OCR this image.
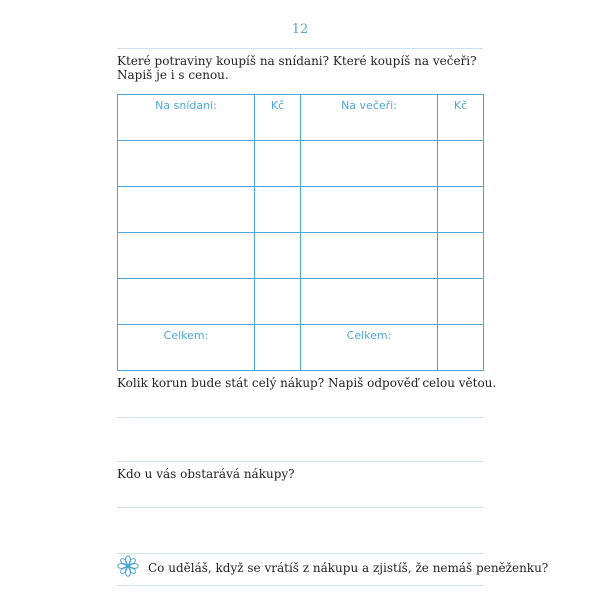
12
Které potraviny koupíš na snídani? Které koupíš na večeři?
Napiš je i s cenou.
Na snídani:	Kč	Na večeři:	Kč

Celkem:		Celkem:	

Kolik korun bude stát celý nákup? Napiš odpověď celou větou.
Kdo u vás obstarává nákupy?
Co uděláš, když se vrátíš z nákupu a zjistíš, že nemáš peněženku?
